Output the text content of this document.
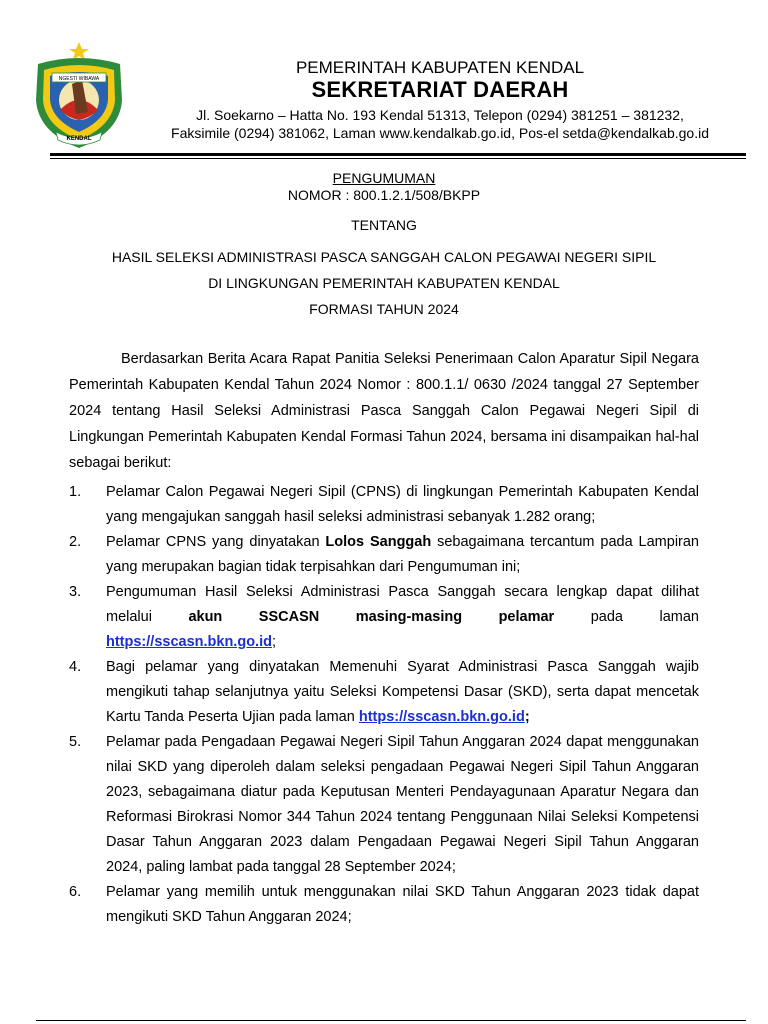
NGESTI WIBAWA
KENDAL
PEMERINTAH KABUPATEN KENDAL
SEKRETARIAT DAERAH
Jl. Soekarno – Hatta No. 193 Kendal 51313, Telepon (0294) 381251 – 381232,
Faksimile (0294) 381062, Laman www.kendalkab.go.id, Pos-el setda@kendalkab.go.id
PENGUMUMAN
NOMOR : 800.1.2.1/508/BKPP
TENTANG
HASIL SELEKSI ADMINISTRASI PASCA SANGGAH CALON PEGAWAI NEGERI SIPIL
DI LINGKUNGAN PEMERINTAH KABUPATEN KENDAL
FORMASI TAHUN 2024

Berdasarkan Berita Acara Rapat Panitia Seleksi Penerimaan Calon Aparatur Sipil Negara Pemerintah Kabupaten Kendal Tahun 2024 Nomor : 800.1.1/ 0630 /2024 tanggal 27 September 2024 tentang Hasil Seleksi Administrasi Pasca Sanggah Calon Pegawai Negeri Sipil di Lingkungan Pemerintah Kabupaten Kendal Formasi Tahun 2024, bersama ini disampaikan hal-hal sebagai berikut:

1.	Pelamar Calon Pegawai Negeri Sipil (CPNS) di lingkungan Pemerintah Kabupaten Kendal yang mengajukan sanggah hasil seleksi administrasi sebanyak 1.282 orang;
2.	Pelamar CPNS yang dinyatakan Lolos Sanggah sebagaimana tercantum pada Lampiran yang merupakan bagian tidak terpisahkan dari Pengumuman ini;
3.	Pengumuman Hasil Seleksi Administrasi Pasca Sanggah secara lengkap dapat dilihat
melalui	akun	SSCASN	masing-masing	pelamar	pada	laman
https://sscasn.bkn.go.id;
4.	Bagi pelamar yang dinyatakan Memenuhi Syarat Administrasi Pasca Sanggah wajib mengikuti tahap selanjutnya yaitu Seleksi Kompetensi Dasar (SKD), serta dapat mencetak Kartu Tanda Peserta Ujian pada laman https://sscasn.bkn.go.id;
5.	Pelamar pada Pengadaan Pegawai Negeri Sipil Tahun Anggaran 2024 dapat menggunakan nilai SKD yang diperoleh dalam seleksi pengadaan Pegawai Negeri Sipil Tahun Anggaran 2023, sebagaimana diatur pada Keputusan Menteri Pendayagunaan Aparatur Negara dan Reformasi Birokrasi Nomor 344 Tahun 2024 tentang Penggunaan Nilai Seleksi Kompetensi Dasar Tahun Anggaran 2023 dalam Pengadaan Pegawai Negeri Sipil Tahun Anggaran 2024, paling lambat pada tanggal 28 September 2024;
6.	Pelamar yang memilih untuk menggunakan nilai SKD Tahun Anggaran 2023 tidak dapat mengikuti SKD Tahun Anggaran 2024;
